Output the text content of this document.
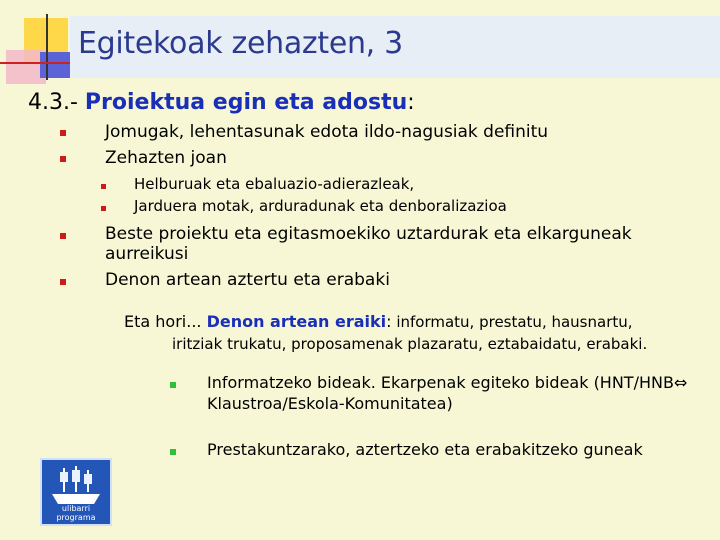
Egitekoak zehazten, 3
4.3.- Proiektua egin eta adostu:
Jomugak, lehentasunak edota ildo-nagusiak definitu
Zehazten joan
Helburuak eta ebaluazio-adierazleak,
Jarduera motak, arduradunak eta denboralizazioa
Beste proiektu eta egitasmoekiko uztardurak eta elkarguneak
aurreikusi
Denon artean aztertu eta erabaki
Eta hori... Denon artean eraiki: informatu, prestatu, hausnartu,
iritziak trukatu, proposamenak plazaratu, eztabaidatu, erabaki.
Informatzeko bideak. Ekarpenak egiteko bideak (HNT/HNB⇔
Klaustroa/Eskola-Komunitatea)
Prestakuntzarako, aztertzeko eta erabakitzeko guneak
ulibarri programa
